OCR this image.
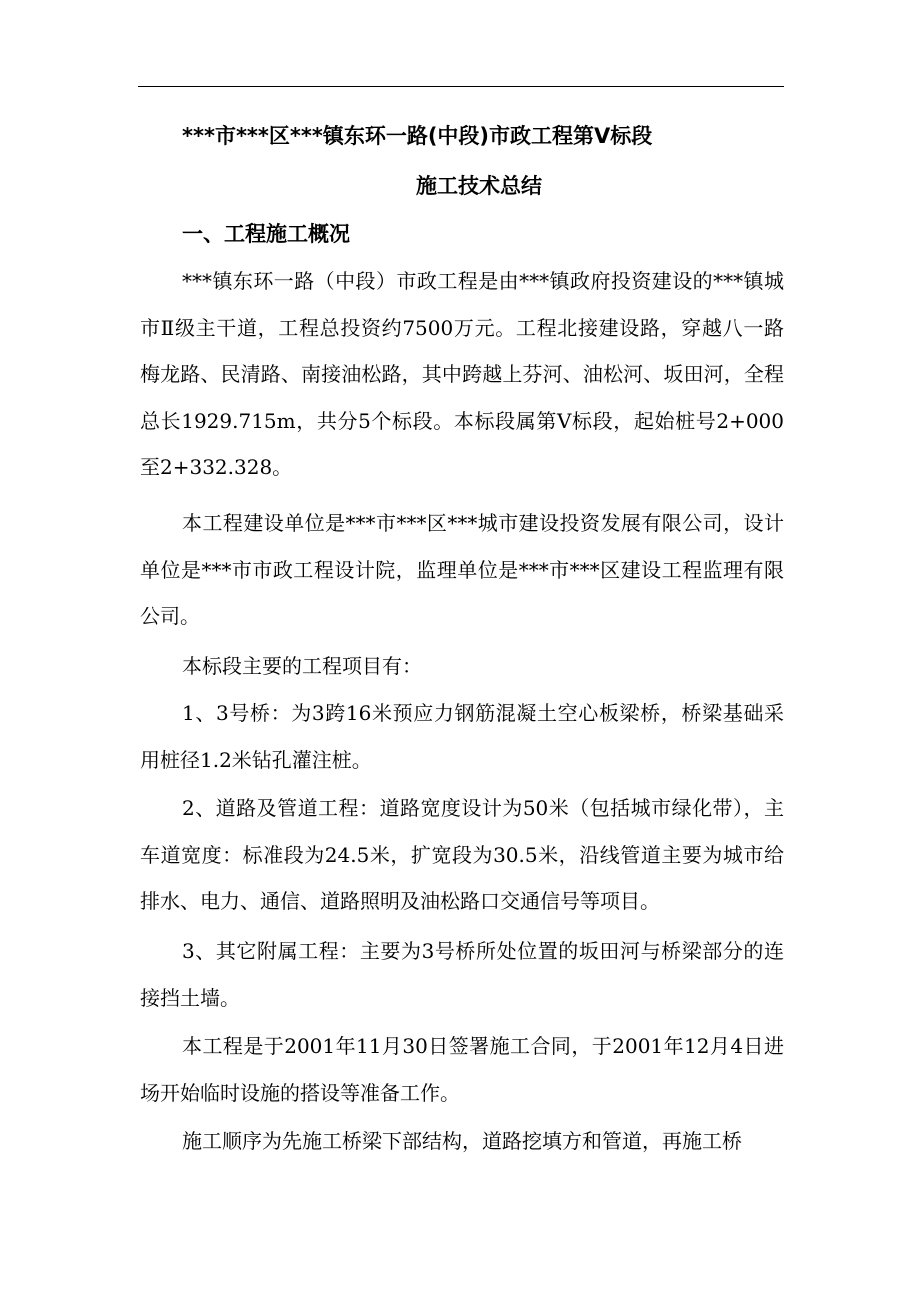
***市***区***镇东环一路(中段)市政工程第Ⅴ标段
施工技术总结
一、工程施工概况

***镇东环一路（中段）市政工程是由***镇政府投资建设的***镇城市Ⅱ级主干道，工程总投资约7500万元。工程北接建设路，穿越八一路梅龙路、民清路、南接油松路，其中跨越上芬河、油松河、坂田河，全程总长1929.715m，共分5个标段。本标段属第Ⅴ标段，起始桩号2+000至2+332.328。

本工程建设单位是***市***区***城市建设投资发展有限公司，设计单位是***市市政工程设计院，监理单位是***市***区建设工程监理有限公司。

本标段主要的工程项目有：

1、3号桥：为3跨16米预应力钢筋混凝土空心板梁桥，桥梁基础采用桩径1.2米钻孔灌注桩。

2、道路及管道工程：道路宽度设计为50米（包括城市绿化带），主车道宽度：标准段为24.5米，扩宽段为30.5米，沿线管道主要为城市给排水、电力、通信、道路照明及油松路口交通信号等项目。

3、其它附属工程：主要为3号桥所处位置的坂田河与桥梁部分的连接挡土墙。

本工程是于2001年11月30日签署施工合同，于2001年12月4日进场开始临时设施的搭设等准备工作。

施工顺序为先施工桥梁下部结构，道路挖填方和管道，再施工桥
